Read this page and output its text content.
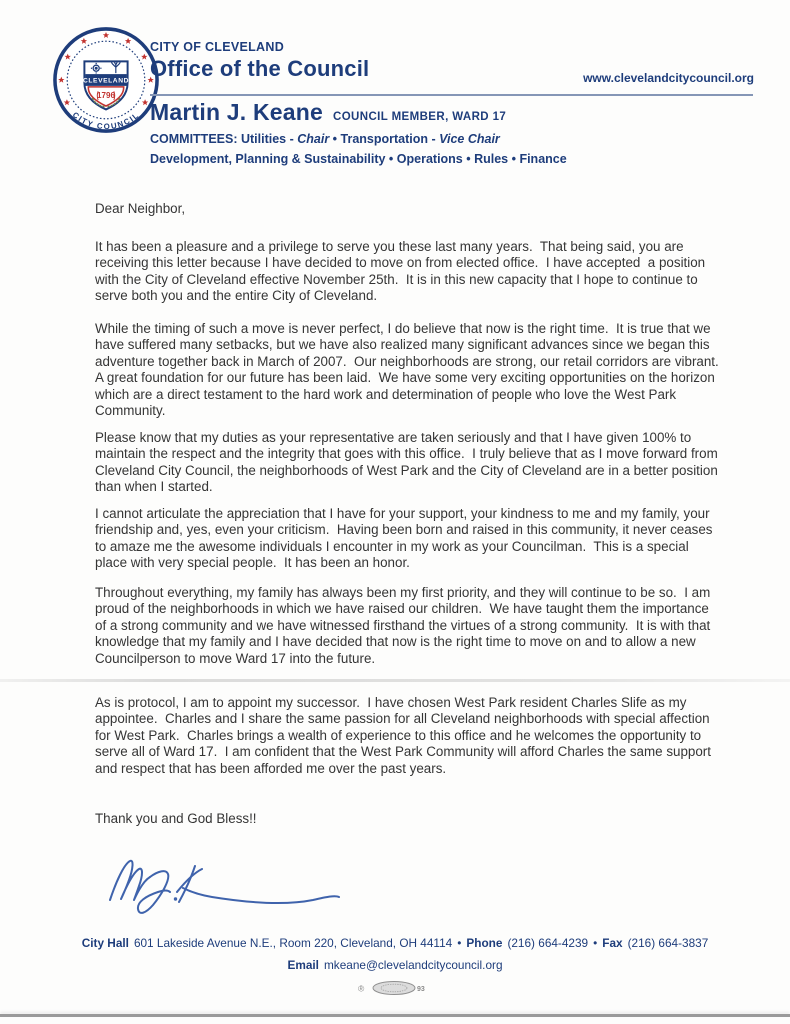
CLEVELAND
1796
CITY COUNCIL
CITY OF CLEVELAND
Office of the Council	www.clevelandcitycouncil.org
Martin J. Keane COUNCIL MEMBER, WARD 17
COMMITTEES: Utilities - Chair • Transportation - Vice Chair
Development, Planning & Sustainability • Operations • Rules • Finance

Dear Neighbor,

It has been a pleasure and a privilege to serve you these last many years.  That being said, you are receiving this letter because I have decided to move on from elected office.  I have accepted  a position with the City of Cleveland effective November 25th.  It is in this new capacity that I hope to continue to serve both you and the entire City of Cleveland.

While the timing of such a move is never perfect, I do believe that now is the right time.  It is true that we have suffered many setbacks, but we have also realized many significant advances since we began this adventure together back in March of 2007.  Our neighborhoods are strong, our retail corridors are vibrant.  A great foundation for our future has been laid.  We have some very exciting opportunities on the horizon which are a direct testament to the hard work and determination of people who love the West Park Community.

Please know that my duties as your representative are taken seriously and that I have given 100% to maintain the respect and the integrity that goes with this office.  I truly believe that as I move forward from Cleveland City Council, the neighborhoods of West Park and the City of Cleveland are in a better position than when I started.

I cannot articulate the appreciation that I have for your support, your kindness to me and my family, your friendship and, yes, even your criticism.  Having been born and raised in this community, it never ceases to amaze me the awesome individuals I encounter in my work as your Councilman.  This is a special place with very special people.  It has been an honor.

Throughout everything, my family has always been my first priority, and they will continue to be so.  I am proud of the neighborhoods in which we have raised our children.  We have taught them the importance of a strong community and we have witnessed firsthand the virtues of a strong community.  It is with that knowledge that my family and I have decided that now is the right time to move on and to allow a new Councilperson to move Ward 17 into the future.

As is protocol, I am to appoint my successor.  I have chosen West Park resident Charles Slife as my appointee.  Charles and I share the same passion for all Cleveland neighborhoods with special affection for West Park.  Charles brings a wealth of experience to this office and he welcomes the opportunity to serve all of Ward 17.  I am confident that the West Park Community will afford Charles the same support and respect that has been afforded me over the past years.

Thank you and God Bless!!

City Hall 601 Lakeside Avenue N.E., Room 220, Cleveland, OH 44114 • Phone (216) 664-4239 • Fax (216) 664-3837
Email mkeane@clevelandcitycouncil.org
®	93
